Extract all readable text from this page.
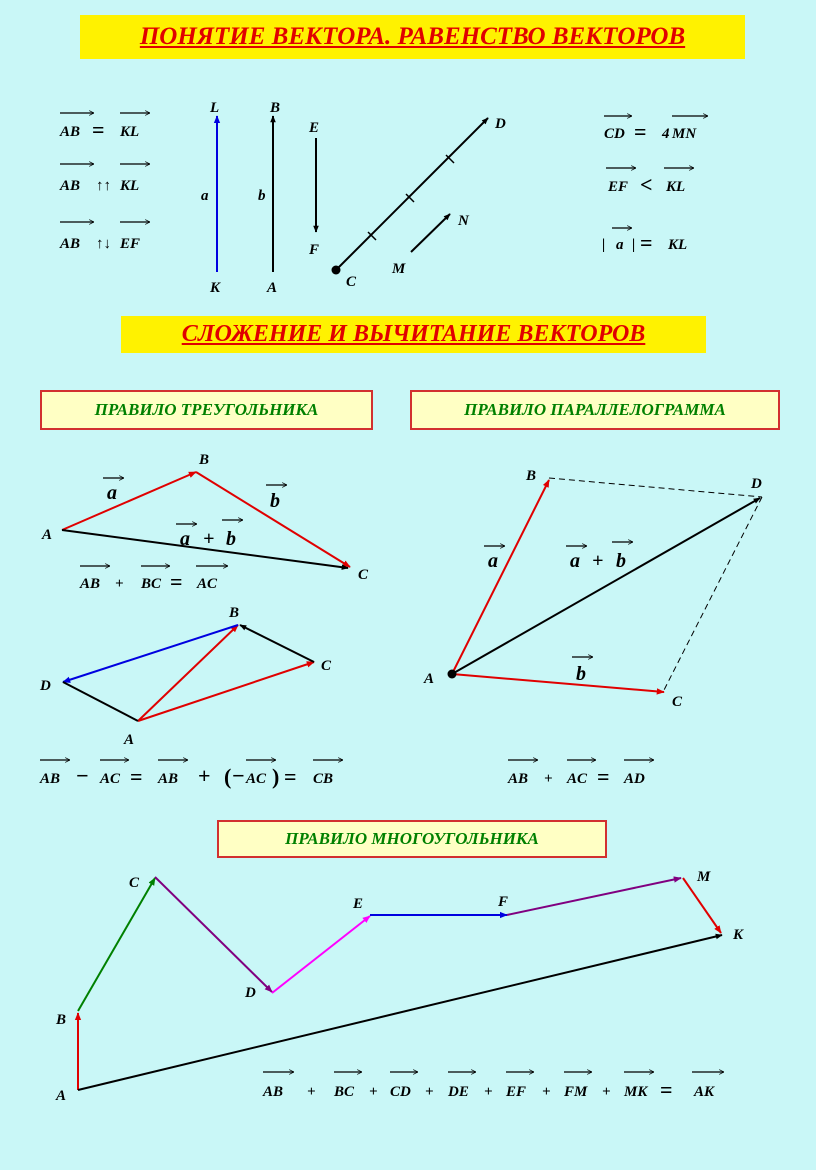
ПОНЯТИЕ ВЕКТОРА. РАВЕНСТВО ВЕКТОРОВ
СЛОЖЕНИЕ И ВЫЧИТАНИЕ ВЕКТОРОВ
ПРАВИЛО ТРЕУГОЛЬНИКА	ПРАВИЛО ПАРАЛЛЕЛОГРАММА
ПРАВИЛО МНОГОУГОЛЬНИКА
AB = KL
AB ↑↑ KL
AB ↑↓ EF
L
K
a
B
A
b
E
F
D
C
N
M
CD = 4 MN
EF < KL
| a | = KL
A
B
C
a	b
a + b
AB + BC = AC
B
C
D
A
AB − AC = AB + ( − AC ) = CB
B	D
A
C
a
b
a + b
AB + AC = AD
A
B
C
D
E	F
M
K
AB + BC + CD + DE + EF + FM + MK = AK
